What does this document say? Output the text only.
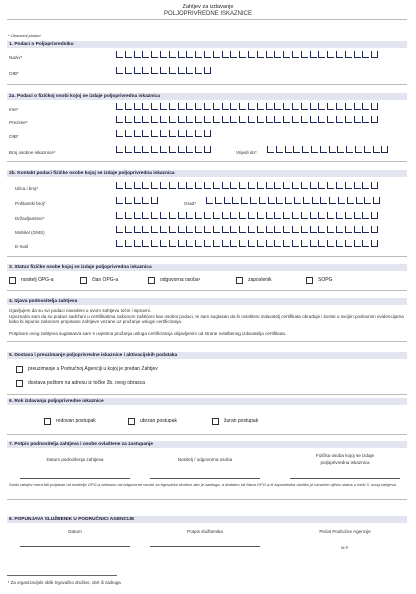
Zahtjev za izdavanje
POLJOPRIVREDNE ISKAZNICE
* Obavezni podaci
1. Podaci o Poljoprivredniku
Naziv*
OIB*
2a. Podaci o fizičkoj osobi kojoj se izdaje poljoprivredna iskaznica
Ime*
Prezime*
OIB*
Broj osobne iskaznice*	Vrijedi do*
2b. Kontakt podaci fizičke osobe kojoj se izdaje poljoprivredna iskaznica
Ulica i broj*
Poštanski broj*	Grad*
Državljanstvo*
Mobitel (GMS)
E-mail
3. Status fizičke osobe kojoj se izdaje poljoprivredna iskaznica
nositelj OPG-a	član OPG-a	odgovorna osoba¹	zaposlenik	SOPG
4. Izjava podnositelja zahtjeva
Izjavljujem da su svi podaci navedeni u ovom zahtjevu točni i ispravni.
Upoznat/a sam da su podaci sadržani u certifikatima zakonom zaštićeni kao osobni podaci, te sam suglasan da ih ovlašteni izdavatelj certifikata obrađuje i koristi u svojim poslovnim evidencijama kako bi ispunio zakonom propisane zahtjeve vezane uz pružanje usluge certificiranja.
Potpisom ovog zahtjeva suglasan/a sam s uvjetima pružanja usluga certificiranja objavljenim od strane ovlaštenog izdavatelja certifikata.
5. Dostava i preuzimanje poljoprivredne iskaznice i aktivacijskih podataka
preuzimanje u Područnoj Agenciji u kojoj je predan Zahtjev
dostava poštom na adresu iz točke 2b. ovog obrasca
6. Rok izdavanja poljoprivredne iskaznice
redovan postupak	ubrzan postupak	žuran postupak
7. Potpis podnositelja zahtjeva i osobe ovlaštene za zastupanje
Datum podnošenja zahtjeva	Nositelj / odgovorna osoba
Fizička osoba kojoj se izdaje
poljoprivredna iskaznica
Svaki zahtjev mora biti potpisan od nositelja OPG-a odnosno od odgovorne osobe za trgovačko društvo ako je zadruga, a dodatno od člana OPG-a ili zaposlenika ukoliko je označen njihov status u točki 3. ovog zahtjeva.
8. POPUNJAVA SLUŽBENIK U PODRUČNICI AGENCIJE
Datum	Potpis službenika	Pečat Područne Agencije
M.P.
¹ Za organizacijski oblik trgovačko društvo, obrt ili zadruga
